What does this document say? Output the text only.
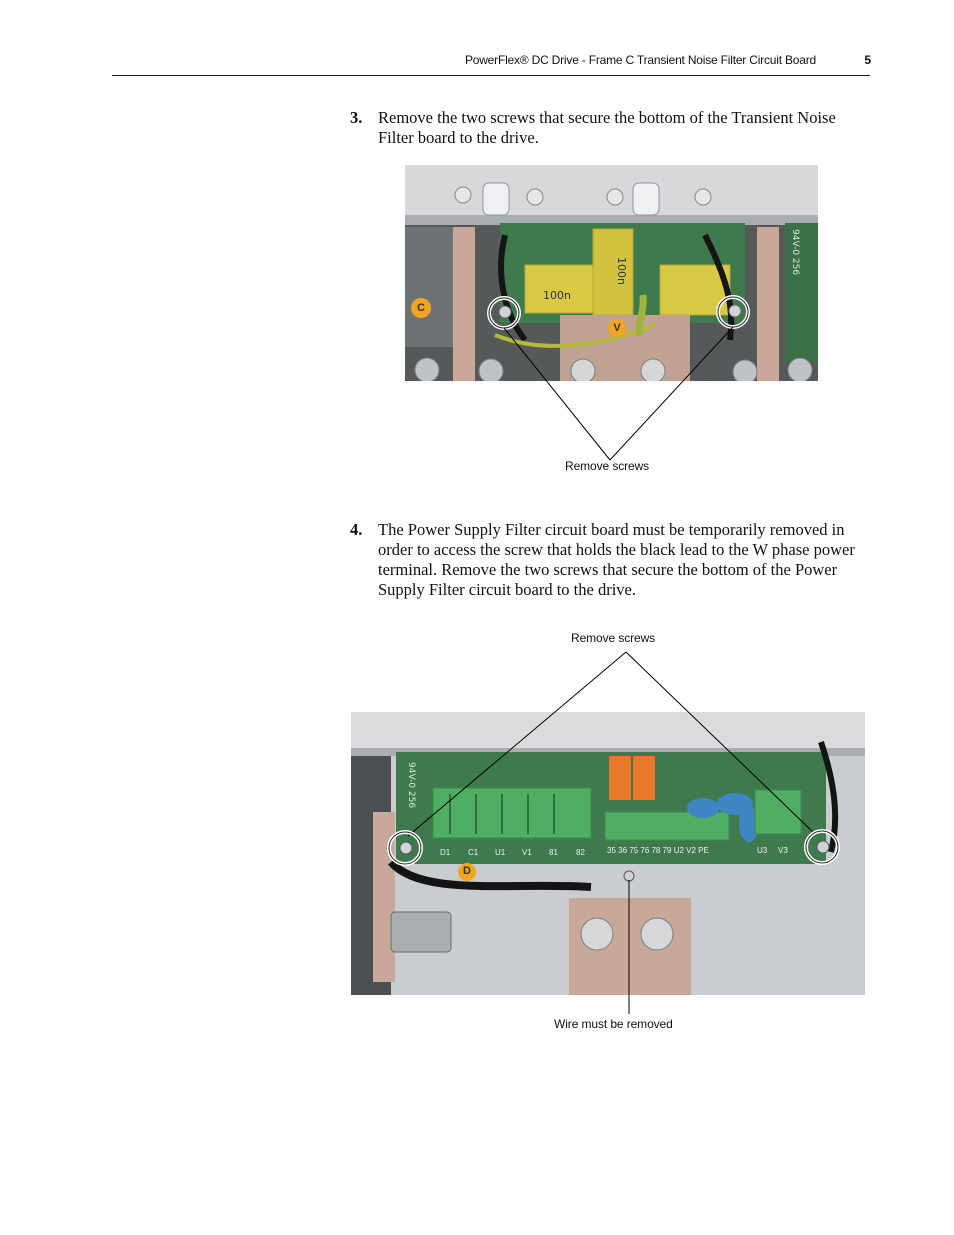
PowerFlex® DC Drive - Frame C Transient Noise Filter Circuit Board	5
3. Remove the two screws that secure the bottom of the Transient Noise Filter board to the drive.
100n
100n	94V-0 256
C
V
Remove screws
4. The Power Supply Filter circuit board must be temporarily removed in order to access the screw that holds the black lead to the W phase power terminal. Remove the two screws that secure the bottom of the Power Supply Filter circuit board to the drive.
Remove screws
94V-0 256
D1 C1 U1 V1 81 82	35 36 75 76 78 79 U2 V2 PE	U3 V3
D
Wire must be removed
